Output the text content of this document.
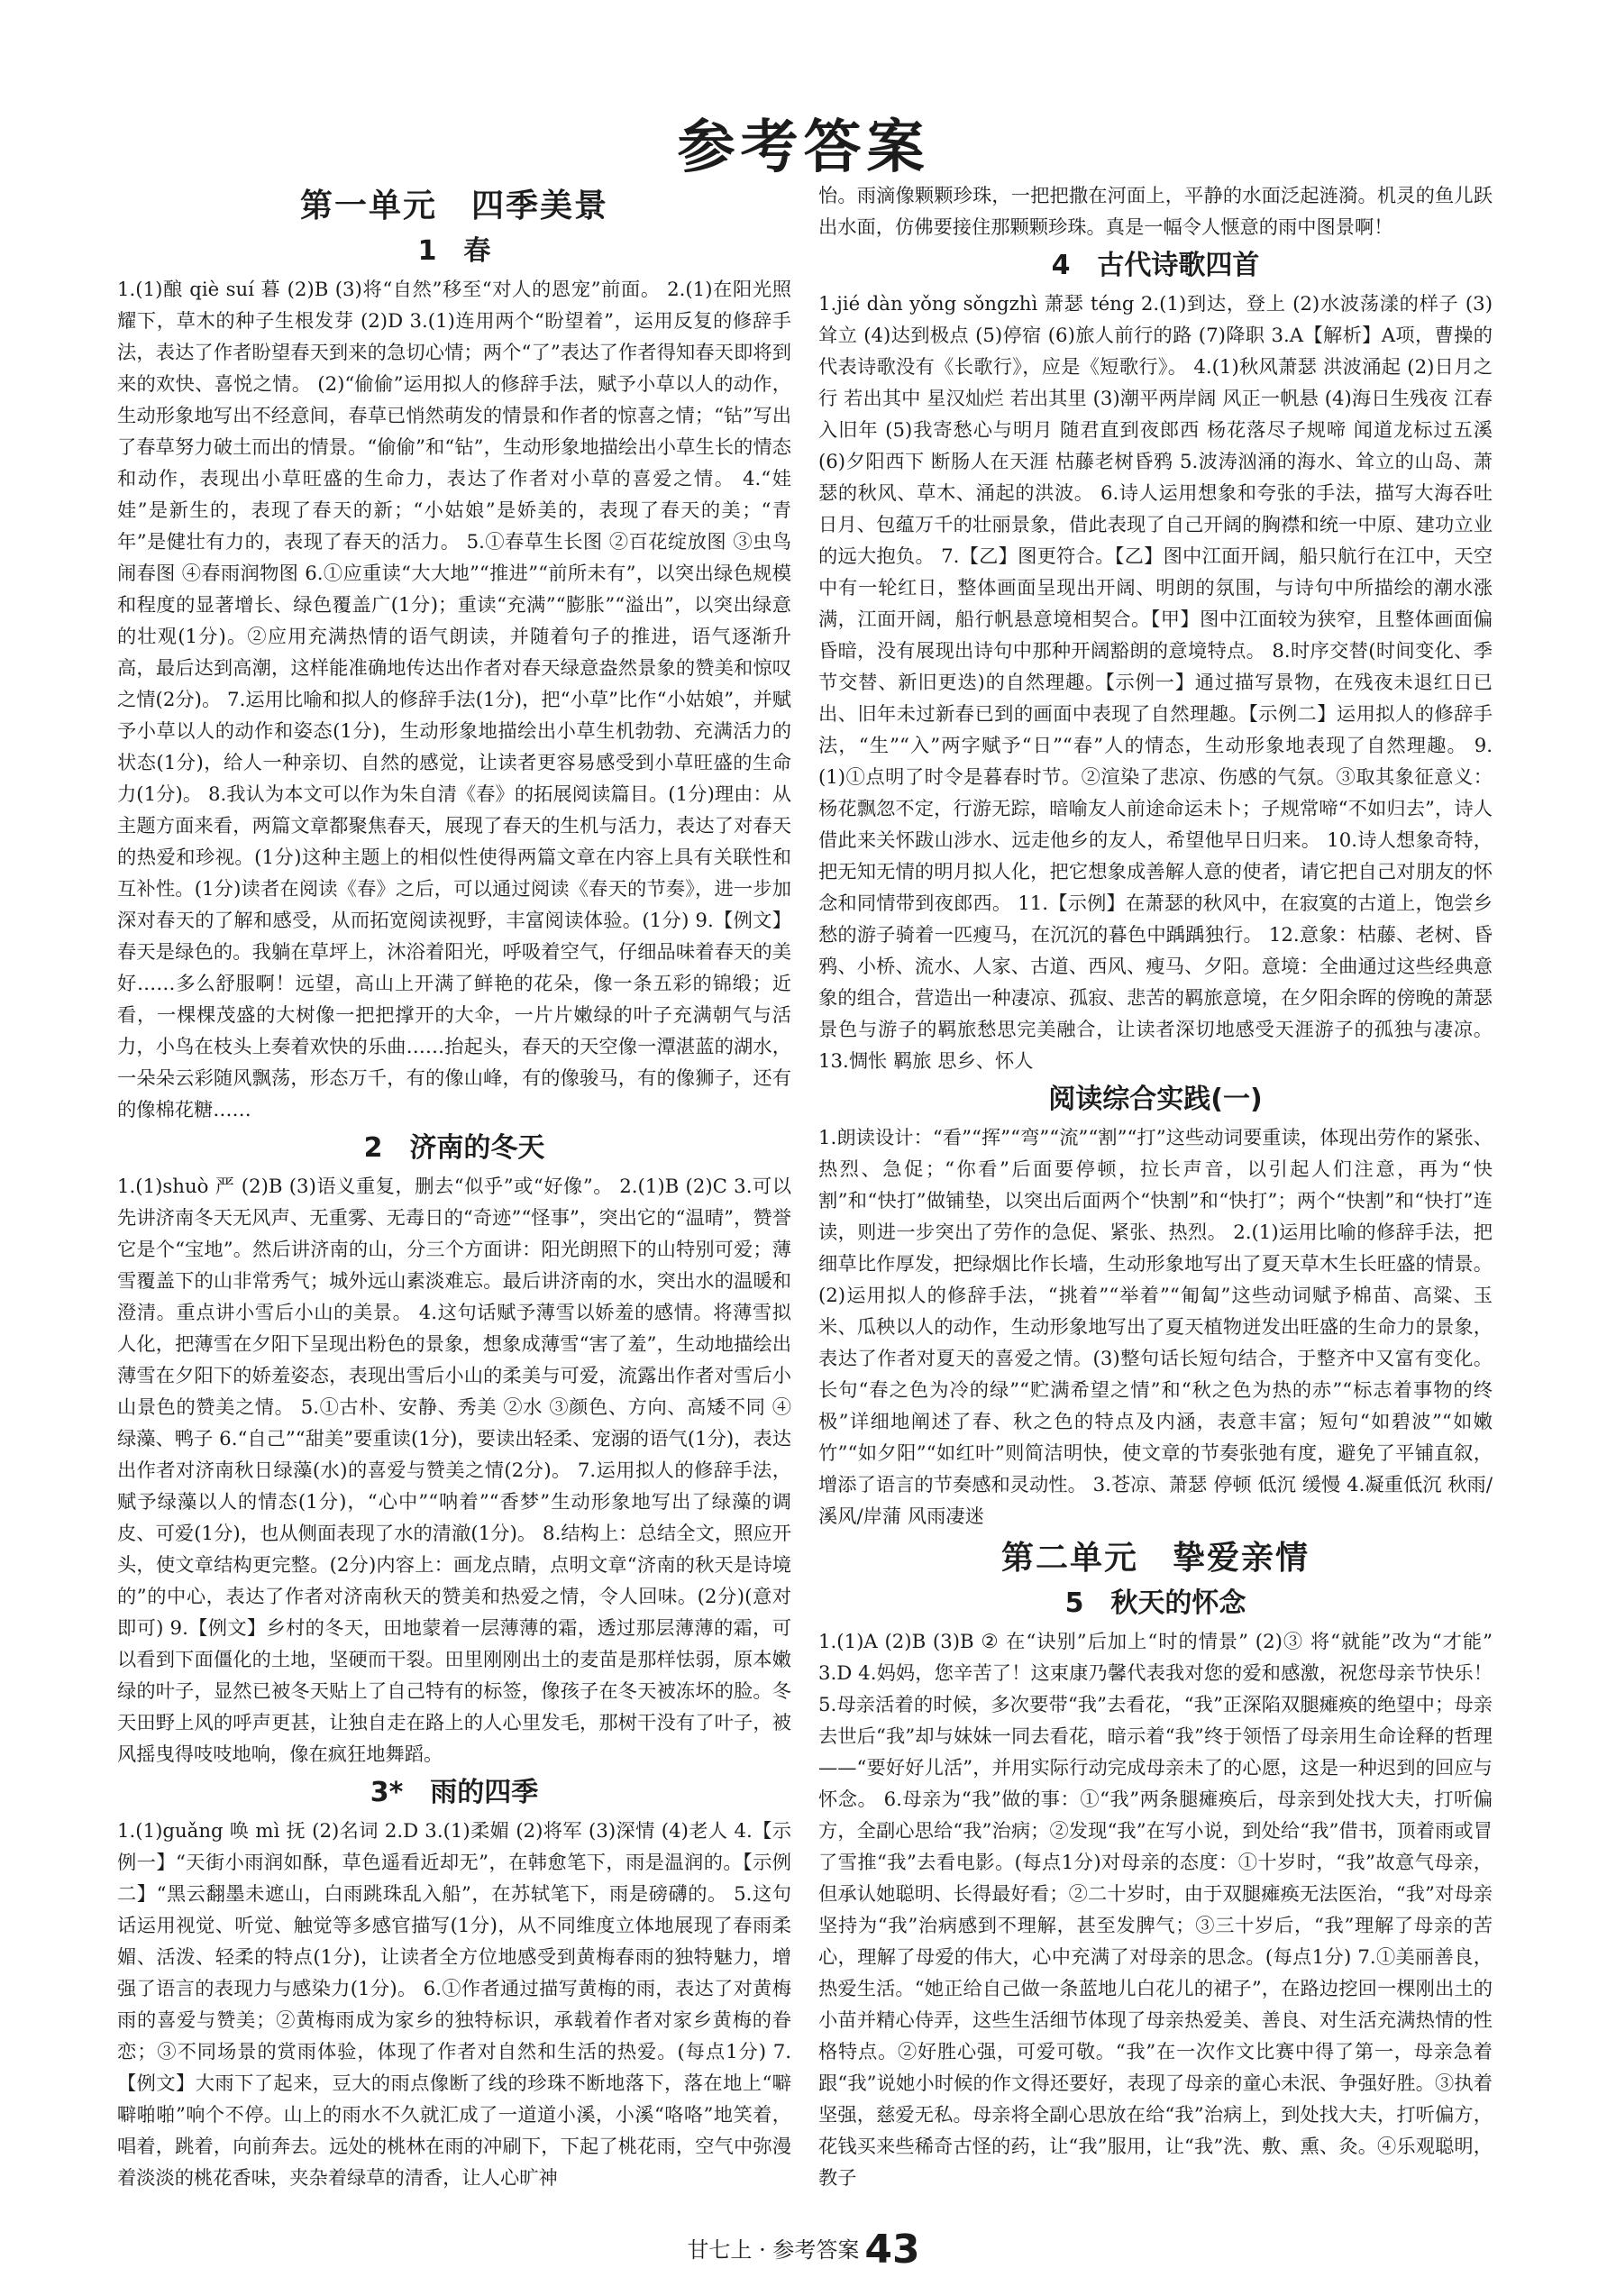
参考答案
第一单元　四季美景
1　春

1.(1)酿 qiè suí 暮 (2)B (3)将“自然”移至“对人的恩宠”前面。 2.(1)在阳光照耀下，草木的种子生根发芽 (2)D 3.(1)连用两个“盼望着”，运用反复的修辞手法，表达了作者盼望春天到来的急切心情；两个“了”表达了作者得知春天即将到来的欢快、喜悦之情。 (2)“偷偷”运用拟人的修辞手法，赋予小草以人的动作，生动形象地写出不经意间，春草已悄然萌发的情景和作者的惊喜之情；“钻”写出了春草努力破土而出的情景。“偷偷”和“钻”，生动形象地描绘出小草生长的情态和动作，表现出小草旺盛的生命力，表达了作者对小草的喜爱之情。 4.“娃娃”是新生的，表现了春天的新；“小姑娘”是娇美的，表现了春天的美；“青年”是健壮有力的，表现了春天的活力。 5.①春草生长图 ②百花绽放图 ③虫鸟闹春图 ④春雨润物图 6.①应重读“大大地”“推进”“前所未有”，以突出绿色规模和程度的显著增长、绿色覆盖广(1分)；重读“充满”“膨胀”“溢出”，以突出绿意的壮观(1分)。②应用充满热情的语气朗读，并随着句子的推进，语气逐渐升高，最后达到高潮，这样能准确地传达出作者对春天绿意盎然景象的赞美和惊叹之情(2分)。 7.运用比喻和拟人的修辞手法(1分)，把“小草”比作“小姑娘”，并赋予小草以人的动作和姿态(1分)，生动形象地描绘出小草生机勃勃、充满活力的状态(1分)，给人一种亲切、自然的感觉，让读者更容易感受到小草旺盛的生命力(1分)。 8.我认为本文可以作为朱自清《春》的拓展阅读篇目。(1分)理由：从主题方面来看，两篇文章都聚焦春天，展现了春天的生机与活力，表达了对春天的热爱和珍视。(1分)这种主题上的相似性使得两篇文章在内容上具有关联性和互补性。(1分)读者在阅读《春》之后，可以通过阅读《春天的节奏》，进一步加深对春天的了解和感受，从而拓宽阅读视野，丰富阅读体验。(1分) 9.【例文】春天是绿色的。我躺在草坪上，沐浴着阳光，呼吸着空气，仔细品味着春天的美好……多么舒服啊！远望，高山上开满了鲜艳的花朵，像一条五彩的锦缎；近看，一棵棵茂盛的大树像一把把撑开的大伞，一片片嫩绿的叶子充满朝气与活力，小鸟在枝头上奏着欢快的乐曲……抬起头，春天的天空像一潭湛蓝的湖水，一朵朵云彩随风飘荡，形态万千，有的像山峰，有的像骏马，有的像狮子，还有的像棉花糖……

2　济南的冬天

1.(1)shuò 严 (2)B (3)语义重复，删去“似乎”或“好像”。 2.(1)B (2)C 3.可以先讲济南冬天无风声、无重雾、无毒日的“奇迹”“怪事”，突出它的“温晴”，赞誉它是个“宝地”。然后讲济南的山，分三个方面讲：阳光朗照下的山特别可爱；薄雪覆盖下的山非常秀气；城外远山素淡难忘。最后讲济南的水，突出水的温暖和澄清。重点讲小雪后小山的美景。 4.这句话赋予薄雪以娇羞的感情。将薄雪拟人化，把薄雪在夕阳下呈现出粉色的景象，想象成薄雪“害了羞”，生动地描绘出薄雪在夕阳下的娇羞姿态，表现出雪后小山的柔美与可爱，流露出作者对雪后小山景色的赞美之情。 5.①古朴、安静、秀美 ②水 ③颜色、方向、高矮不同 ④绿藻、鸭子 6.“自己”“甜美”要重读(1分)，要读出轻柔、宠溺的语气(1分)，表达出作者对济南秋日绿藻(水)的喜爱与赞美之情(2分)。 7.运用拟人的修辞手法，赋予绿藻以人的情态(1分)，“心中”“呐着”“香梦”生动形象地写出了绿藻的调皮、可爱(1分)，也从侧面表现了水的清澈(1分)。 8.结构上：总结全文，照应开头，使文章结构更完整。(2分)内容上：画龙点睛，点明文章“济南的秋天是诗境的”的中心，表达了作者对济南秋天的赞美和热爱之情，令人回味。(2分)(意对即可) 9.【例文】乡村的冬天，田地蒙着一层薄薄的霜，透过那层薄薄的霜，可以看到下面僵化的土地，坚硬而干裂。田里刚刚出土的麦苗是那样怯弱，原本嫩绿的叶子，显然已被冬天贴上了自己特有的标签，像孩子在冬天被冻坏的脸。冬天田野上风的呼声更甚，让独自走在路上的人心里发毛，那树干没有了叶子，被风摇曳得吱吱地响，像在疯狂地舞蹈。

3*　雨的四季

1.(1)guǎng 唤 mì 抚 (2)名词 2.D 3.(1)柔媚 (2)将军 (3)深情 (4)老人 4.【示例一】“天街小雨润如酥，草色遥看近却无”，在韩愈笔下，雨是温润的。【示例二】“黑云翻墨未遮山，白雨跳珠乱入船”，在苏轼笔下，雨是磅礴的。 5.这句话运用视觉、听觉、触觉等多感官描写(1分)，从不同维度立体地展现了春雨柔媚、活泼、轻柔的特点(1分)，让读者全方位地感受到黄梅春雨的独特魅力，增强了语言的表现力与感染力(1分)。 6.①作者通过描写黄梅的雨，表达了对黄梅雨的喜爱与赞美；②黄梅雨成为家乡的独特标识，承载着作者对家乡黄梅的眷恋；③不同场景的赏雨体验，体现了作者对自然和生活的热爱。(每点1分) 7.【例文】大雨下了起来，豆大的雨点像断了线的珍珠不断地落下，落在地上“噼噼啪啪”响个不停。山上的雨水不久就汇成了一道道小溪，小溪“咯咯”地笑着，唱着，跳着，向前奔去。远处的桃林在雨的冲刷下，下起了桃花雨，空气中弥漫着淡淡的桃花香味，夹杂着绿草的清香，让人心旷神

怡。雨滴像颗颗珍珠，一把把撒在河面上，平静的水面泛起涟漪。机灵的鱼儿跃出水面，仿佛要接住那颗颗珍珠。真是一幅令人惬意的雨中图景啊！

4　古代诗歌四首

1.jié dàn yǒng sǒngzhì 萧瑟 téng 2.(1)到达，登上 (2)水波荡漾的样子 (3)耸立 (4)达到极点 (5)停宿 (6)旅人前行的路 (7)降职 3.A【解析】A项，曹操的代表诗歌没有《长歌行》，应是《短歌行》。 4.(1)秋风萧瑟 洪波涌起 (2)日月之行 若出其中 星汉灿烂 若出其里 (3)潮平两岸阔 风正一帆悬 (4)海日生残夜 江春入旧年 (5)我寄愁心与明月 随君直到夜郎西 杨花落尽子规啼 闻道龙标过五溪 (6)夕阳西下 断肠人在天涯 枯藤老树昏鸦 5.波涛汹涌的海水、耸立的山岛、萧瑟的秋风、草木、涌起的洪波。 6.诗人运用想象和夸张的手法，描写大海吞吐日月、包蕴万千的壮丽景象，借此表现了自己开阔的胸襟和统一中原、建功立业的远大抱负。 7.【乙】图更符合。【乙】图中江面开阔，船只航行在江中，天空中有一轮红日，整体画面呈现出开阔、明朗的氛围，与诗句中所描绘的潮水涨满，江面开阔，船行帆悬意境相契合。【甲】图中江面较为狭窄，且整体画面偏昏暗，没有展现出诗句中那种开阔豁朗的意境特点。 8.时序交替(时间变化、季节交替、新旧更迭)的自然理趣。【示例一】通过描写景物，在残夜未退红日已出、旧年未过新春已到的画面中表现了自然理趣。【示例二】运用拟人的修辞手法，“生”“入”两字赋予“日”“春”人的情态，生动形象地表现了自然理趣。 9.(1)①点明了时令是暮春时节。②渲染了悲凉、伤感的气氛。③取其象征意义：杨花飘忽不定，行游无踪，暗喻友人前途命运未卜；子规常啼“不如归去”，诗人借此来关怀跋山涉水、远走他乡的友人，希望他早日归来。 10.诗人想象奇特，把无知无情的明月拟人化，把它想象成善解人意的使者，请它把自己对朋友的怀念和同情带到夜郎西。 11.【示例】在萧瑟的秋风中，在寂寞的古道上，饱尝乡愁的游子骑着一匹瘦马，在沉沉的暮色中踽踽独行。 12.意象：枯藤、老树、昏鸦、小桥、流水、人家、古道、西风、瘦马、夕阳。意境：全曲通过这些经典意象的组合，营造出一种凄凉、孤寂、悲苦的羁旅意境，在夕阳余晖的傍晚的萧瑟景色与游子的羁旅愁思完美融合，让读者深切地感受天涯游子的孤独与凄凉。 13.惆怅 羁旅 思乡、怀人

阅读综合实践(一)

1.朗读设计：“看”“挥”“弯”“流”“割”“打”这些动词要重读，体现出劳作的紧张、热烈、急促；“你看”后面要停顿，拉长声音，以引起人们注意，再为“快割”和“快打”做铺垫，以突出后面两个“快割”和“快打”；两个“快割”和“快打”连读，则进一步突出了劳作的急促、紧张、热烈。 2.(1)运用比喻的修辞手法，把细草比作厚发，把绿烟比作长墙，生动形象地写出了夏天草木生长旺盛的情景。(2)运用拟人的修辞手法，“挑着”“举着”“匍匐”这些动词赋予棉苗、高粱、玉米、瓜秧以人的动作，生动形象地写出了夏天植物迸发出旺盛的生命力的景象，表达了作者对夏天的喜爱之情。(3)整句话长短句结合，于整齐中又富有变化。长句“春之色为冷的绿”“贮满希望之情”和“秋之色为热的赤”“标志着事物的终极”详细地阐述了春、秋之色的特点及内涵，表意丰富；短句“如碧波”“如嫩竹”“如夕阳”“如红叶”则简洁明快，使文章的节奏张弛有度，避免了平铺直叙，增添了语言的节奏感和灵动性。 3.苍凉、萧瑟 停顿 低沉 缓慢 4.凝重低沉 秋雨/溪风/岸蒲 风雨凄迷

第二单元　挚爱亲情
5　秋天的怀念

1.(1)A (2)B (3)B ② 在“诀别”后加上“时的情景” (2)③ 将“就能”改为“才能” 3.D 4.妈妈，您辛苦了！这束康乃馨代表我对您的爱和感激，祝您母亲节快乐！ 5.母亲活着的时候，多次要带“我”去看花，“我”正深陷双腿瘫痪的绝望中；母亲去世后“我”却与妹妹一同去看花，暗示着“我”终于领悟了母亲用生命诠释的哲理——“要好好儿活”，并用实际行动完成母亲未了的心愿，这是一种迟到的回应与怀念。 6.母亲为“我”做的事：①“我”两条腿瘫痪后，母亲到处找大夫，打听偏方，全副心思给“我”治病；②发现“我”在写小说，到处给“我”借书，顶着雨或冒了雪推“我”去看电影。(每点1分)对母亲的态度：①十岁时，“我”故意气母亲，但承认她聪明、长得最好看；②二十岁时，由于双腿瘫痪无法医治，“我”对母亲坚持为“我”治病感到不理解，甚至发脾气；③三十岁后，“我”理解了母亲的苦心，理解了母爱的伟大，心中充满了对母亲的思念。(每点1分) 7.①美丽善良，热爱生活。“她正给自己做一条蓝地儿白花儿的裙子”，在路边挖回一棵刚出土的小苗并精心侍弄，这些生活细节体现了母亲热爱美、善良、对生活充满热情的性格特点。②好胜心强，可爱可敬。“我”在一次作文比赛中得了第一，母亲急着跟“我”说她小时候的作文得还要好，表现了母亲的童心未泯、争强好胜。③执着坚强，慈爱无私。母亲将全副心思放在给“我”治病上，到处找大夫，打听偏方，花钱买来些稀奇古怪的药，让“我”服用，让“我”洗、敷、熏、灸。④乐观聪明，教子

甘七上 · 参考答案 43
